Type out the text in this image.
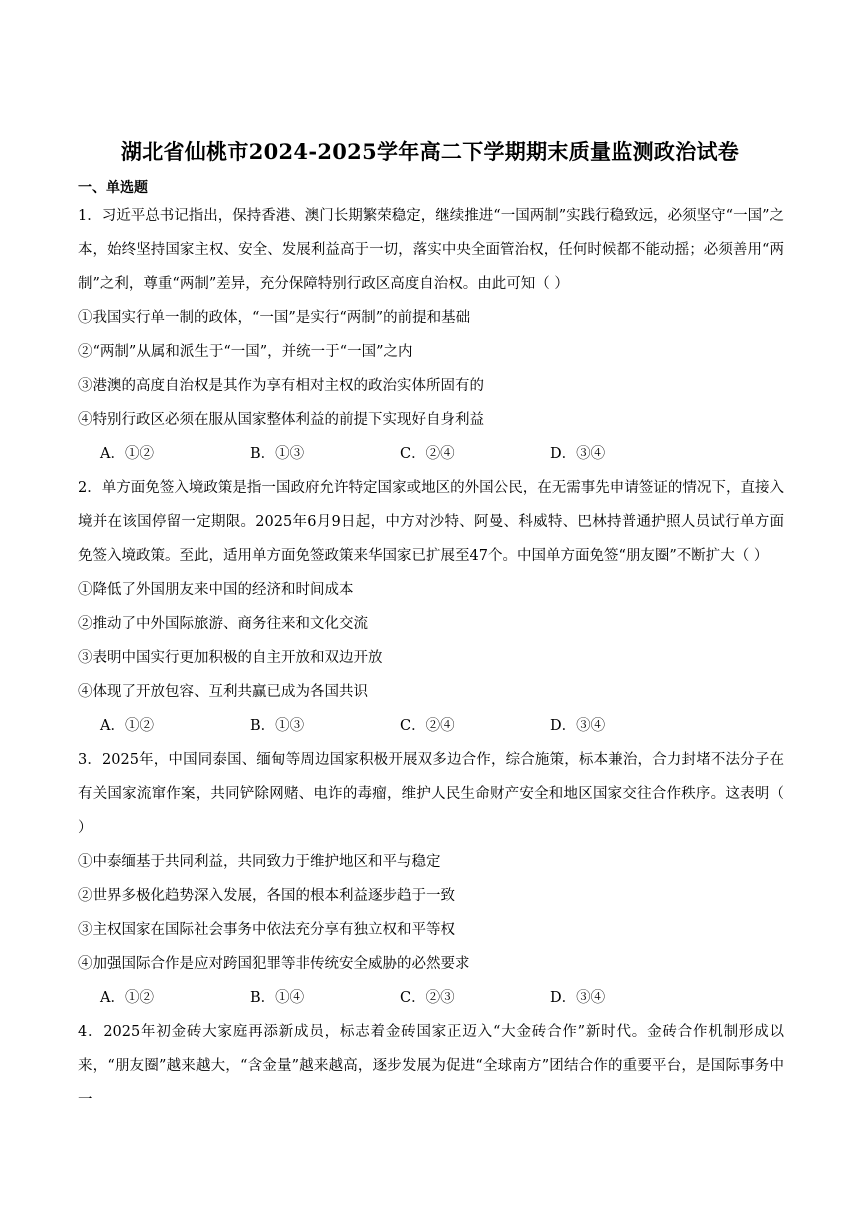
湖北省仙桃市2024-2025学年高二下学期期末质量监测政治试卷
一、单选题

1．习近平总书记指出，保持香港、澳门长期繁荣稳定，继续推进“一国两制”实践行稳致远，必须坚守“一国”之本，始终坚持国家主权、安全、发展利益高于一切，落实中央全面管治权，任何时候都不能动摇；必须善用“两制”之利，尊重“两制”差异，充分保障特别行政区高度自治权。由此可知（ ）

①我国实行单一制的政体，“一国”是实行“两制”的前提和基础

②“两制”从属和派生于“一国”，并统一于“一国”之内

③港澳的高度自治权是其作为享有相对主权的政治实体所固有的

④特别行政区必须在服从国家整体利益的前提下实现好自身利益

A．①②	B．①③	C．②④	D．③④

2．单方面免签入境政策是指一国政府允许特定国家或地区的外国公民，在无需事先申请签证的情况下，直接入境并在该国停留一定期限。2025年6月9日起，中方对沙特、阿曼、科威特、巴林持普通护照人员试行单方面免签入境政策。至此，适用单方面免签政策来华国家已扩展至47个。中国单方面免签“朋友圈”不断扩大（ ）

①降低了外国朋友来中国的经济和时间成本

②推动了中外国际旅游、商务往来和文化交流

③表明中国实行更加积极的自主开放和双边开放

④体现了开放包容、互利共赢已成为各国共识

A．①②	B．①③	C．②④	D．③④

3．2025年，中国同泰国、缅甸等周边国家积极开展双多边合作，综合施策，标本兼治，合力封堵不法分子在有关国家流窜作案，共同铲除网赌、电诈的毒瘤，维护人民生命财产安全和地区国家交往合作秩序。这表明（ ）

①中泰缅基于共同利益，共同致力于维护地区和平与稳定

②世界多极化趋势深入发展，各国的根本利益逐步趋于一致

③主权国家在国际社会事务中依法充分享有独立权和平等权

④加强国际合作是应对跨国犯罪等非传统安全威胁的必然要求

A．①②	B．①④	C．②③	D．③④

4．2025年初金砖大家庭再添新成员，标志着金砖国家正迈入“大金砖合作”新时代。金砖合作机制形成以来，“朋友圈”越来越大，“含金量”越来越高，逐步发展为促进“全球南方”团结合作的重要平台，是国际事务中一
